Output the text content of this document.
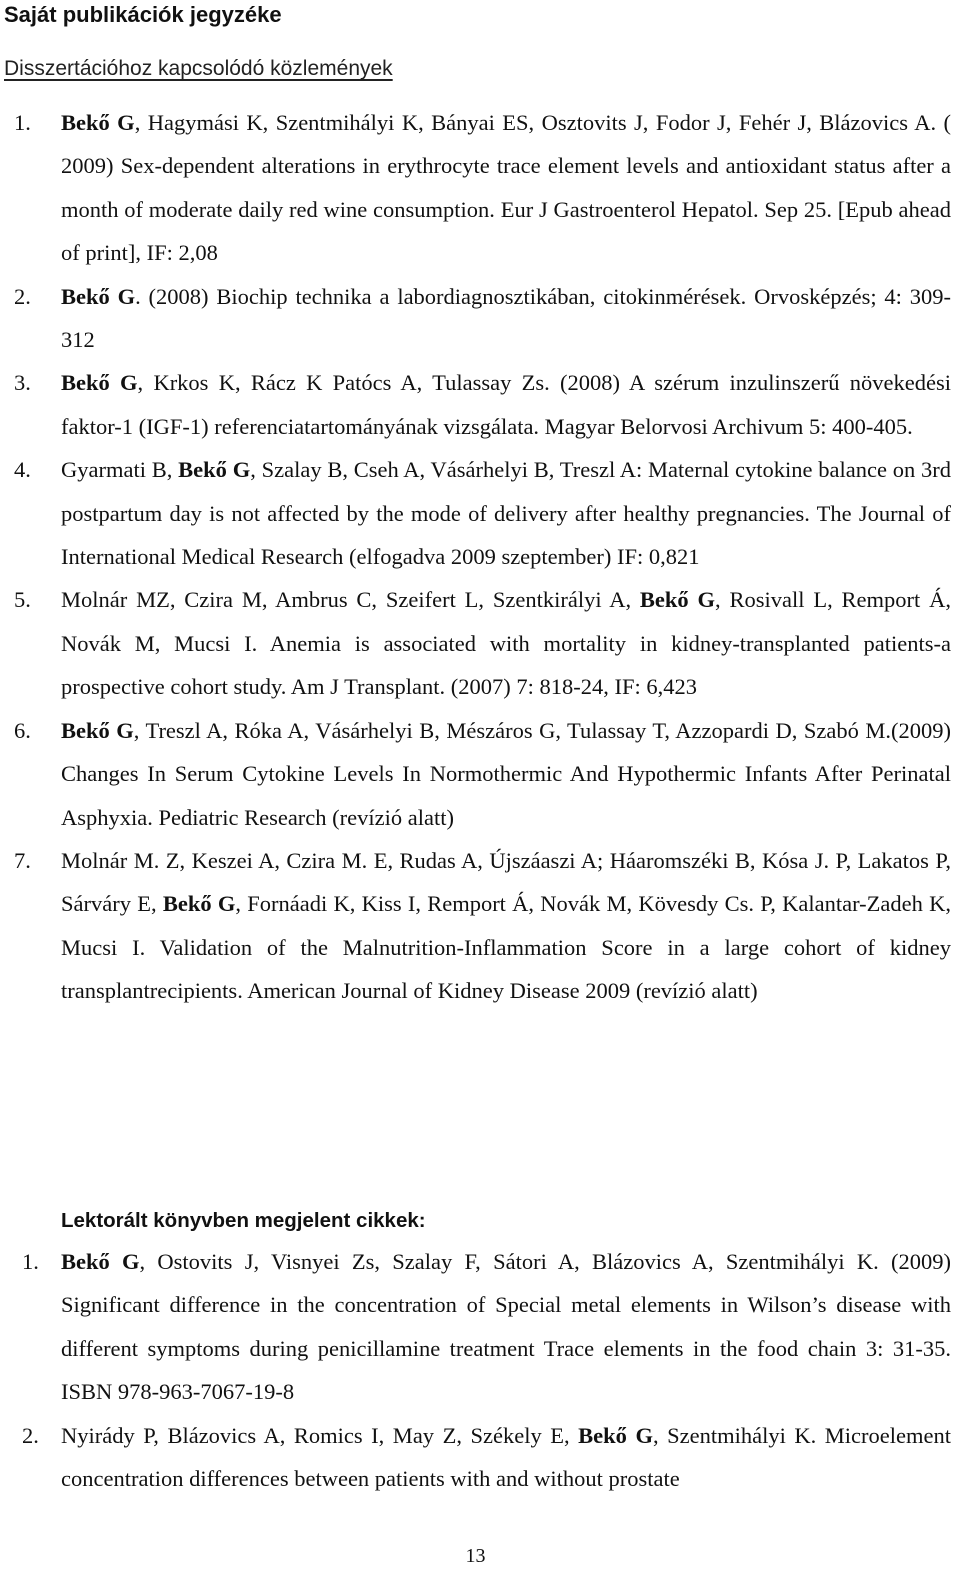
Saját publikációk jegyzéke
Disszertációhoz kapcsolódó közlemények
1. Bekő G, Hagymási K, Szentmihályi K, Bányai ES, Osztovits J, Fodor J, Fehér J, Blázovics A. ( 2009) Sex-dependent alterations in erythrocyte trace element levels and antioxidant status after a month of moderate daily red wine consumption. Eur J Gastroenterol Hepatol. Sep 25. [Epub ahead of print], IF: 2,08
2. Bekő G. (2008) Biochip technika a labordiagnosztikában, citokinmérések. Orvosképzés; 4: 309-312
3. Bekő G, Krkos K, Rácz K Patócs A, Tulassay Zs. (2008) A szérum inzulinszerű növekedési faktor-1 (IGF-1) referenciatartományának vizsgálata. Magyar Belorvosi Archivum 5: 400-405.
4. Gyarmati B, Bekő G, Szalay B, Cseh A, Vásárhelyi B, Treszl A: Maternal cytokine balance on 3rd postpartum day is not affected by the mode of delivery after healthy pregnancies. The Journal of International Medical Research (elfogadva 2009 szeptember) IF: 0,821
5. Molnár MZ, Czira M, Ambrus C, Szeifert L, Szentkirályi A, Bekő G, Rosivall L, Remport Á, Novák M, Mucsi I. Anemia is associated with mortality in kidney-transplanted patients-a prospective cohort study. Am J Transplant. (2007) 7: 818-24, IF: 6,423
6. Bekő G, Treszl A, Róka A, Vásárhelyi B, Mészáros G, Tulassay T, Azzopardi D, Szabó M.(2009) Changes In Serum Cytokine Levels In Normothermic And Hypothermic Infants After Perinatal Asphyxia. Pediatric Research (revízió alatt)
7. Molnár M. Z, Keszei A, Czira M. E, Rudas A, Újszáaszi A; Háaromszéki B, Kósa J. P, Lakatos P, Sárváry E, Bekő G, Fornáadi K, Kiss I, Remport Á, Novák M, Kövesdy Cs. P, Kalantar-Zadeh K, Mucsi I. Validation of the Malnutrition-Inflammation Score in a large cohort of kidney transplantrecipients. American Journal of Kidney Disease 2009 (revízió alatt)
Lektorált könyvben megjelent cikkek:
1. Bekő G, Ostovits J, Visnyei Zs, Szalay F, Sátori A, Blázovics A, Szentmihályi K. (2009) Significant difference in the concentration of Special metal elements in Wilson’s disease with different symptoms during penicillamine treatment Trace elements in the food chain 3: 31-35. ISBN 978-963-7067-19-8
2. Nyirády P, Blázovics A, Romics I, May Z, Székely E, Bekő G, Szentmihályi K. Microelement concentration differences between patients with and without prostate
13
